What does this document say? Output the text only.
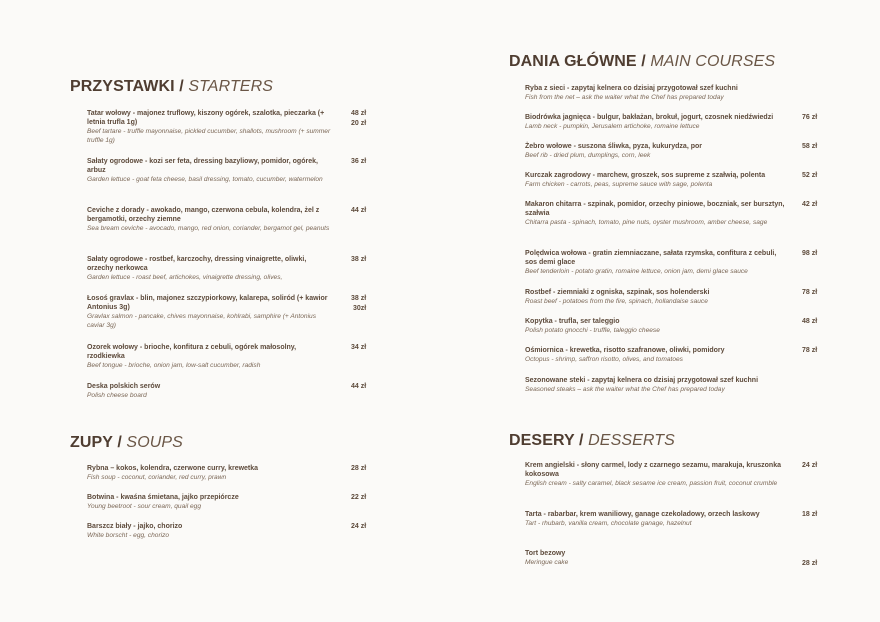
PRZYSTAWKI / STARTERS
Tatar wołowy - majonez truflowy, kiszony ogórek, szalotka, pieczarka (+ letnia trufla 1g)
Beef tartare - truffle mayonnaise, pickled cucumber, shallots, mushroom (+ summer truffle 1g)
48 zł
20 zł
Sałaty ogrodowe - kozi ser feta, dressing bazyliowy, pomidor, ogórek, arbuz
Garden lettuce - goat feta cheese, basil dressing, tomato, cucumber, watermelon
36 zł
Ceviche z dorady - awokado, mango, czerwona cebula, kolendra, żel z bergamotki, orzechy ziemne
Sea bream ceviche - avocado, mango, red onion, coriander, bergamot gel, peanuts
44 zł
Sałaty ogrodowe - rostbef, karczochy, dressing vinaigrette, oliwki, orzechy nerkowca
Garden lettuce - roast beef, artichokes, vinaigrette dressing, olives,
38 zł
Łosoś gravlax - blin, majonez szczypiorkowy, kalarepa, soliród (+ kawior Antonius 3g)
Gravlax salmon - pancake, chives mayonnaise, kohlrabi, samphire (+ Antonius caviar 3g)
38 zł
30zł
Ozorek wołowy - brioche, konfitura z cebuli, ogórek małosolny, rzodkiewka
Beef tongue - brioche, onion jam, low-salt cucumber, radish
34 zł
Deska polskich serów
Polish cheese board
44 zł
ZUPY / SOUPS
Rybna – kokos, kolendra, czerwone curry, krewetka
Fish soup - coconut, coriander, red curry, prawn
28 zł
Botwina - kwaśna śmietana, jajko przepiórcze
Young beetroot - sour cream, quail egg
22 zł
Barszcz biały - jajko, chorizo
White borscht - egg, chorizo
24 zł
DANIA GŁÓWNE / MAIN COURSES
Ryba z sieci - zapytaj kelnera co dzisiaj przygotował szef kuchni
Fish from the net – ask the waiter what the Chef has prepared today
Biodrówka jagnięca - bulgur, bakłażan, brokuł, jogurt, czosnek niedźwiedzi
Lamb neck - pumpkin, Jerusalem artichoke, romaine lettuce
76 zł
Żebro wołowe - suszona śliwka, pyza, kukurydza, por
Beef rib - dried plum, dumplings, corn, leek
58 zł
Kurczak zagrodowy - marchew, groszek, sos supreme z szałwią, polenta
Farm chicken - carrots, peas, supreme sauce with sage, polenta
52 zł
Makaron chitarra - szpinak, pomidor, orzechy piniowe, boczniak, ser bursztyn, szałwia
Chitarra pasta - spinach, tomato, pine nuts, oyster mushroom, amber cheese, sage
42 zł
Polędwica wołowa - gratin ziemniaczane, sałata rzymska, confitura z cebuli, sos demi glace
Beef tenderloin - potato gratin, romaine lettuce, onion jam, demi glace sauce
98 zł
Rostbef - ziemniaki z ogniska, szpinak, sos holenderski
Roast beef - potatoes from the fire, spinach, hollandaise sauce
78 zł
Kopytka - trufla, ser taleggio
Polish potato gnocchi - truffle, taleggio cheese
48 zł
Ośmiornica - krewetka, risotto szafranowe, oliwki, pomidory
Octopus - shrimp, saffron risotto, olives, and tomatoes
78 zł
Sezonowane steki - zapytaj kelnera co dzisiaj przygotował szef kuchni
Seasoned steaks – ask the waiter what the Chef has prepared today
DESERY / DESSERTS
Krem angielski - słony carmel, lody z czarnego sezamu, marakuja, kruszonka kokosowa
English cream - salty caramel, black sesame ice cream, passion fruit, coconut crumble
24 zł
Tarta - rabarbar, krem waniliowy, ganage czekoladowy, orzech laskowy
Tart - rhubarb, vanilla cream, chocolate ganage, hazelnut
18 zł
Tort bezowy
Meringue cake	28 zł
